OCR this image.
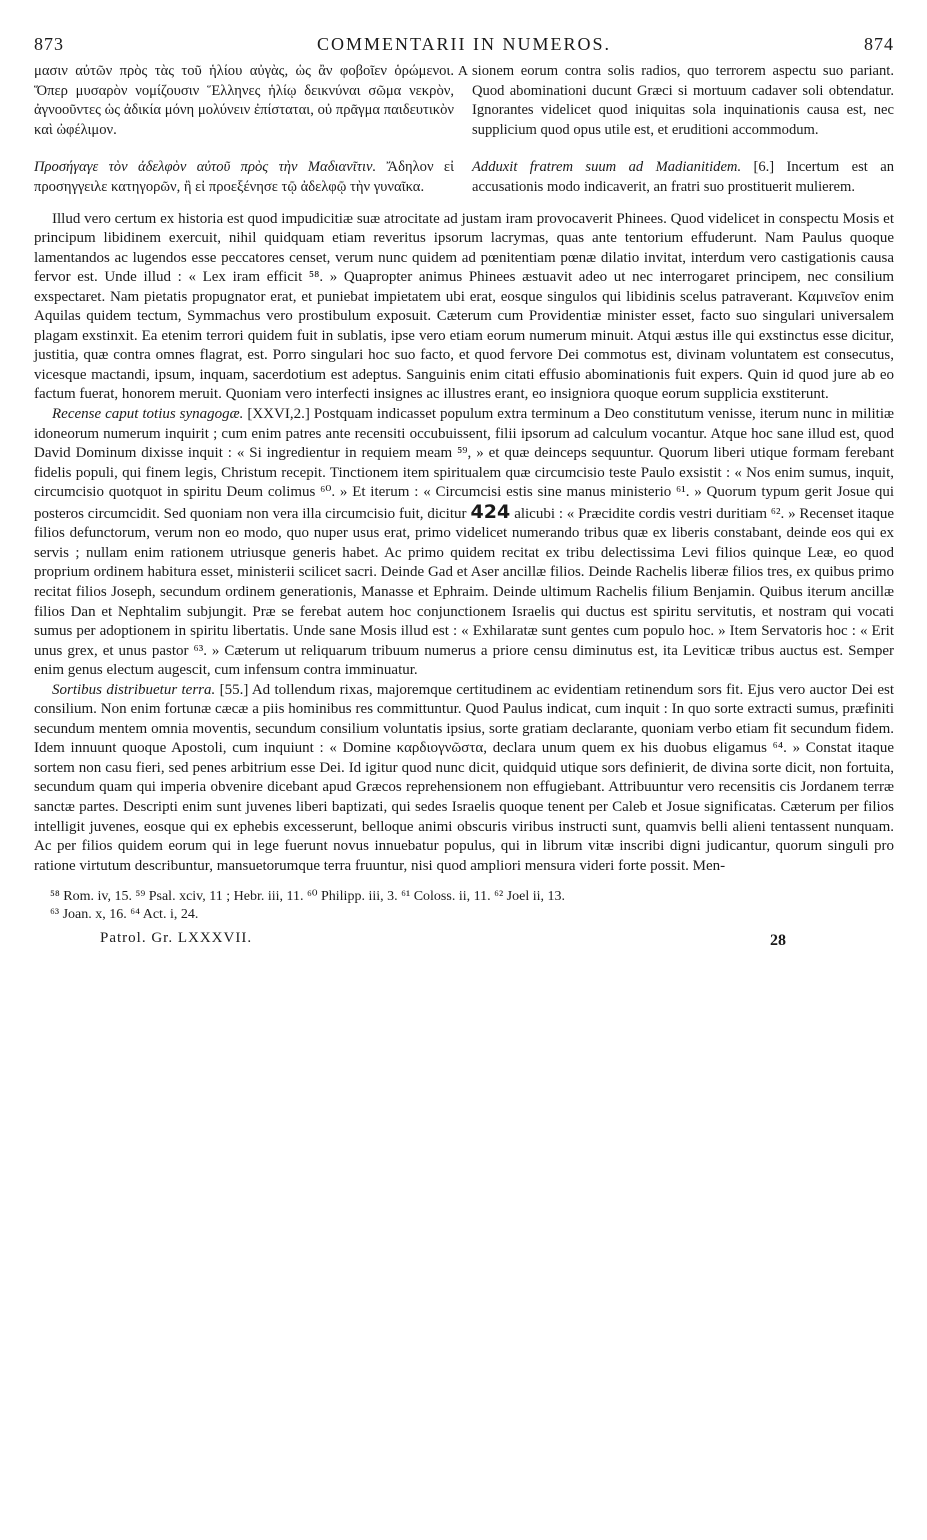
873	COMMENTARII IN NUMEROS.	874
μασιν αὐτῶν πρὸς τὰς τοῦ ἡλίου αὐγὰς, ὡς ἂν φοβοῖεν ὁρώμενοι. Ὅπερ μυσαρὸν νομίζουσιν Ἕλληνες ἡλίῳ δεικνύναι σῶμα νεκρὸν, ἀγνοοῦντες ὡς ἀδικία μόνη μολύνειν ἐπίσταται, οὐ πρᾶγμα παιδευτικὸν καὶ ὠφέλιμον.
A sionem eorum contra solis radios, quo terrorem aspectu suo pariant. Quod abominationi ducunt Græci si mortuum cadaver soli obtendatur. Ignorantes videlicet quod iniquitas sola inquinationis causa est, nec supplicium quod opus utile est, et eruditioni accommodum.
Προσήγαγε τὸν ἀδελφὸν αὐτοῦ πρὸς τὴν Μαδιανῖτιν. Ἄδηλον εἰ προσηγγειλε κατηγορῶν, ἢ εἰ προεξένησε τῷ ἀδελφῷ τὴν γυναῖκα.
Adduxit fratrem suum ad Madianitidem. [6.] Incertum est an accusationis modo indicaverit, an fratri suo prostituerit mulierem.

Illud vero certum ex historia est quod impudicitiæ suæ atrocitate ad justam iram provocaverit Phinees. Quod videlicet in conspectu Mosis et principum libidinem exercuit, nihil quidquam etiam reveritus ipsorum lacrymas, quas ante tentorium effuderunt. Nam Paulus quoque lamentandos ac lugendos esse peccatores censet, verum nunc quidem ad pœnitentiam pœnæ dilatio invitat, interdum vero castigationis causa fervor est. Unde illud : « Lex iram efficit ⁵⁸. » Quapropter animus Phinees æstuavit adeo ut nec interrogaret principem, nec consilium exspectaret. Nam pietatis propugnator erat, et puniebat impietatem ubi erat, eosque singulos qui libidinis scelus patraverant. Καμινεῖον enim Aquilas quidem tectum, Symmachus vero prostibulum exposuit. Cæterum cum Providentiæ minister esset, facto suo singulari universalem plagam exstinxit. Ea etenim terrori quidem fuit in sublatis, ipse vero etiam eorum numerum minuit. Atqui æstus ille qui exstinctus esse dicitur, justitia, quæ contra omnes flagrat, est. Porro singulari hoc suo facto, et quod fervore Dei commotus est, divinam voluntatem est consecutus, vicesque mactandi, ipsum, inquam, sacerdotium est adeptus. Sanguinis enim citati effusio abominationis fuit expers. Quin id quod jure ab eo factum fuerat, honorem meruit. Quoniam vero interfecti insignes ac illustres erant, eo insigniora quoque eorum supplicia exstiterunt.

Recense caput totius synagogæ. [XXVI,2.] Postquam indicasset populum extra terminum a Deo constitutum venisse, iterum nunc in militiæ idoneorum numerum inquirit ; cum enim patres ante recensiti occubuissent, filii ipsorum ad calculum vocantur. Atque hoc sane illud est, quod David Dominum dixisse inquit : « Si ingredientur in requiem meam ⁵⁹, » et quæ deinceps sequuntur. Quorum liberi utique formam ferebant fidelis populi, qui finem legis, Christum recepit. Tinctionem item spiritualem quæ circumcisio teste Paulo exsistit : « Nos enim sumus, inquit, circumcisio quotquot in spiritu Deum colimus ⁶⁰. » Et iterum : « Circumcisi estis sine manus ministerio ⁶¹. » Quorum typum gerit Josue qui posteros circumcidit. Sed quoniam non vera illa circumcisio fuit, dicitur 424 alicubi : « Præcidite cordis vestri duritiam ⁶². » Recenset itaque filios defunctorum, verum non eo modo, quo nuper usus erat, primo videlicet numerando tribus quæ ex liberis constabant, deinde eos qui ex servis ; nullam enim rationem utriusque generis habet. Ac primo quidem recitat ex tribu delectissima Levi filios quinque Leæ, eo quod proprium ordinem habitura esset, ministerii scilicet sacri. Deinde Gad et Aser ancillæ filios. Deinde Rachelis liberæ filios tres, ex quibus primo recitat filios Joseph, secundum ordinem generationis, Manasse et Ephraim. Deinde ultimum Rachelis filium Benjamin. Quibus iterum ancillæ filios Dan et Nephtalim subjungit. Præ se ferebat autem hoc conjunctionem Israelis qui ductus est spiritu servitutis, et nostram qui vocati sumus per adoptionem in spiritu libertatis. Unde sane Mosis illud est : « Exhilaratæ sunt gentes cum populo hoc. » Item Servatoris hoc : « Erit unus grex, et unus pastor ⁶³. » Cæterum ut reliquarum tribuum numerus a priore censu diminutus est, ita Leviticæ tribus auctus est. Semper enim genus electum augescit, cum infensum contra imminuatur.

Sortibus distribuetur terra. [55.] Ad tollendum rixas, majoremque certitudinem ac evidentiam retinendum sors fit. Ejus vero auctor Dei est consilium. Non enim fortunæ cæcæ a piis hominibus res committuntur. Quod Paulus indicat, cum inquit : In quo sorte extracti sumus, præfiniti secundum mentem omnia moventis, secundum consilium voluntatis ipsius, sorte gratiam declarante, quoniam verbo etiam fit secundum fidem. Idem innuunt quoque Apostoli, cum inquiunt : « Domine καρδιογνῶστα, declara unum quem ex his duobus eligamus ⁶⁴. » Constat itaque sortem non casu fieri, sed penes arbitrium esse Dei. Id igitur quod nunc dicit, quidquid utique sors definierit, de divina sorte dicit, non fortuita, secundum quam qui imperia obvenire dicebant apud Græcos reprehensionem non effugiebant. Attribuuntur vero recensitis cis Jordanem terræ sanctæ partes. Descripti enim sunt juvenes liberi baptizati, qui sedes Israelis quoque tenent per Caleb et Josue significatas. Cæterum per filios intelligit juvenes, eosque qui ex ephebis excesserunt, belloque animi obscuris viribus instructi sunt, quamvis belli alieni tentassent nunquam. Ac per filios quidem eorum qui in lege fuerunt novus innuebatur populus, qui in librum vitæ inscribi digni judicantur, quorum singuli pro ratione virtutum describuntur, mansuetorumque terra fruuntur, nisi quod ampliori mensura videri forte possit. Men-

⁵⁸ Rom. iv, 15. ⁵⁹ Psal. xciv, 11 ; Hebr. iii, 11. ⁶⁰ Philipp. iii, 3. ⁶¹ Coloss. ii, 11. ⁶² Joel ii, 13.
⁶³ Joan. x, 16. ⁶⁴ Act. i, 24.
Patrol. Gr. LXXXVII.	28
